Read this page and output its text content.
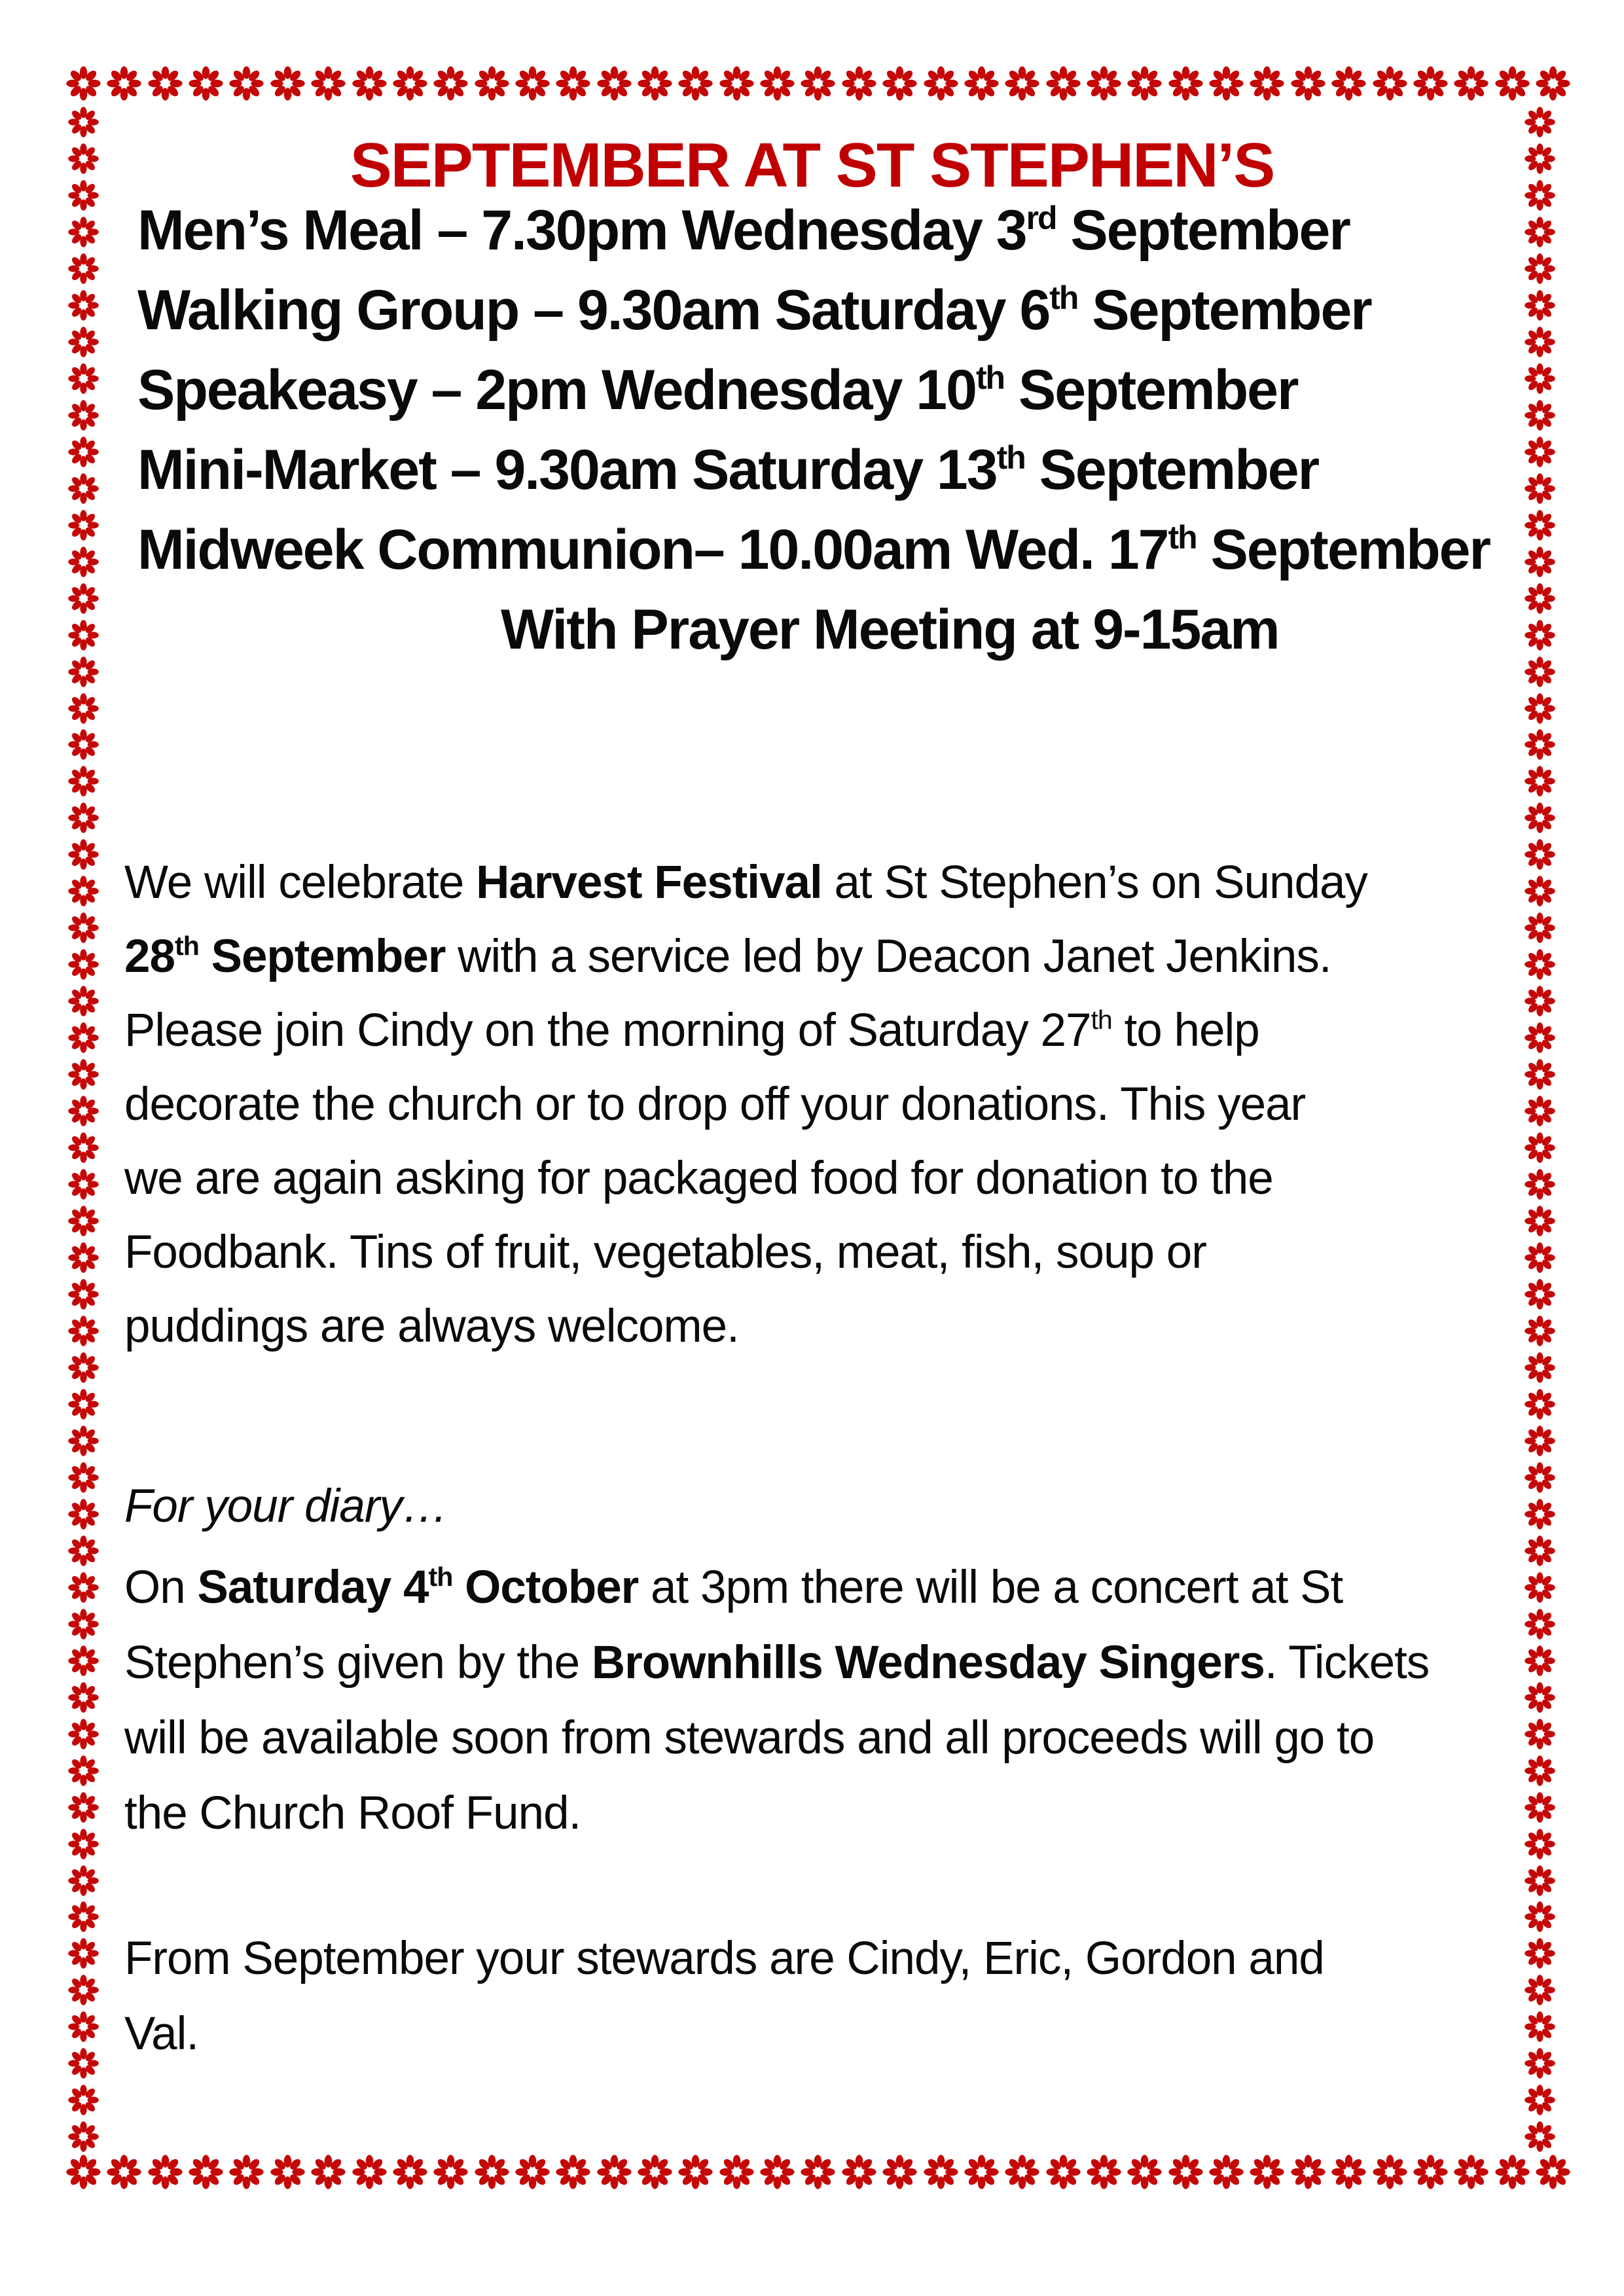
SEPTEMBER AT ST STEPHEN’S
Men’s Meal – 7.30pm Wednesday 3rd September
Walking Group – 9.30am Saturday 6th September
Speakeasy – 2pm Wednesday 10th September
Mini-Market – 9.30am Saturday 13th September
Midweek Communion– 10.00am Wed. 17th September
With Prayer Meeting at 9-15am
We will celebrate Harvest Festival at St Stephen’s on Sunday
28th September with a service led by Deacon Janet Jenkins.
Please join Cindy on the morning of Saturday 27th to help
decorate the church or to drop off your donations. This year
we are again asking for packaged food for donation to the
Foodbank. Tins of fruit, vegetables, meat, fish, soup or
puddings are always welcome.
For your diary…
On Saturday 4th October at 3pm there will be a concert at St
Stephen’s given by the Brownhills Wednesday Singers. Tickets
will be available soon from stewards and all proceeds will go to
the Church Roof Fund.
From September your stewards are Cindy, Eric, Gordon and
Val.
